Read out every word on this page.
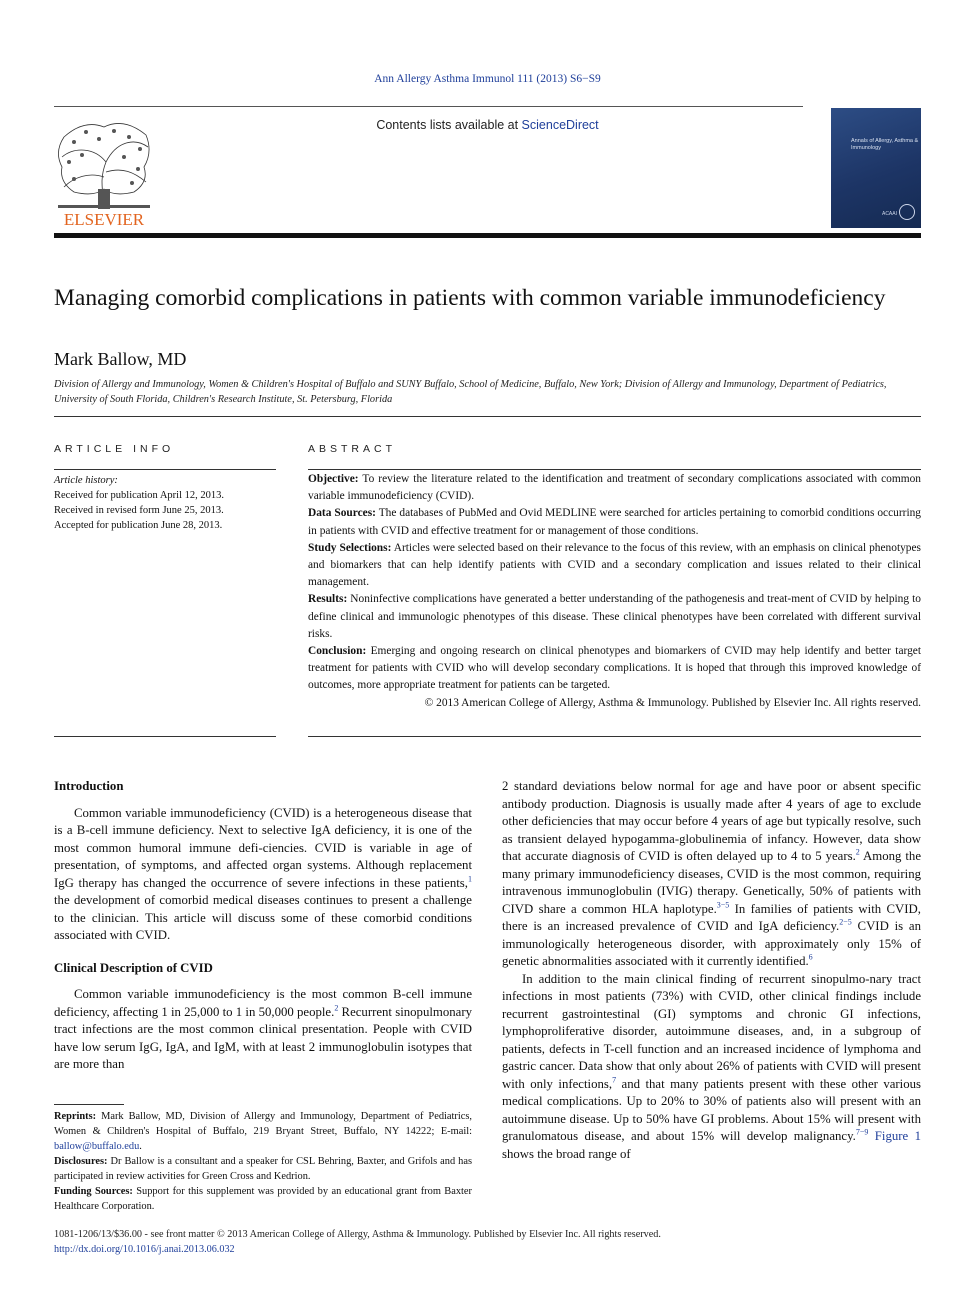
Ann Allergy Asthma Immunol 111 (2013) S6−S9
ELSEVIER
Contents lists available at ScienceDirect
Annals of Allergy, Asthma & Immunology
ACAAI
Managing comorbid complications in patients with common variable immunodeficiency
Mark Ballow, MD
Division of Allergy and Immunology, Women & Children's Hospital of Buffalo and SUNY Buffalo, School of Medicine, Buffalo, New York; Division of Allergy and Immunology, Department of Pediatrics, University of South Florida, Children's Research Institute, St. Petersburg, Florida
ARTICLE INFO	ABSTRACT
Article history:
Received for publication April 12, 2013.
Received in revised form June 25, 2013.
Accepted for publication June 28, 2013.

Objective: To review the literature related to the identification and treatment of secondary complications associated with common variable immunodeficiency (CVID).

Data Sources: The databases of PubMed and Ovid MEDLINE were searched for articles pertaining to comorbid conditions occurring in patients with CVID and effective treatment for or management of those conditions.

Study Selections: Articles were selected based on their relevance to the focus of this review, with an emphasis on clinical phenotypes and biomarkers that can help identify patients with CVID and a secondary complication and issues related to their clinical management.

Results: Noninfective complications have generated a better understanding of the pathogenesis and treat-ment of CVID by helping to define clinical and immunologic phenotypes of this disease. These clinical phenotypes have been correlated with different survival risks.

Conclusion: Emerging and ongoing research on clinical phenotypes and biomarkers of CVID may help identify and better target treatment for patients with CVID who will develop secondary complications. It is hoped that through this improved knowledge of outcomes, more appropriate treatment for patients can be targeted.

© 2013 American College of Allergy, Asthma & Immunology. Published by Elsevier Inc. All rights reserved.

Introduction

Common variable immunodeficiency (CVID) is a heterogeneous disease that is a B-cell immune deficiency. Next to selective IgA deficiency, it is one of the most common humoral immune defi-ciencies. CVID is variable in age of presentation, of symptoms, and affected organ systems. Although replacement IgG therapy has changed the occurrence of severe infections in these patients,$^1$ the development of comorbid medical diseases continues to present a challenge to the clinician. This article will discuss some of these comorbid conditions associated with CVID.

Clinical Description of CVID

Common variable immunodeficiency is the most common B-cell immune deficiency, affecting 1 in 25,000 to 1 in 50,000 people.$^2$ Recurrent sinopulmonary tract infections are the most common clinical presentation. People with CVID have low serum IgG, IgA, and IgM, with at least 2 immunoglobulin isotypes that are more than

2 standard deviations below normal for age and have poor or absent specific antibody production. Diagnosis is usually made after 4 years of age to exclude other deficiencies that may occur before 4 years of age but typically resolve, such as transient delayed hypogamma-globulinemia of infancy. However, data show that accurate diagnosis of CVID is often delayed up to 4 to 5 years.$^2$ Among the many primary immunodeficiency diseases, CVID is the most common, requiring intravenous immunoglobulin (IVIG) therapy. Genetically, 50% of patients with CIVD share a common HLA haplotype.$^{3-5}$ In families of patients with CVID, there is an increased prevalence of CVID and IgA deficiency.$^{2-5}$ CVID is an immunologically heterogeneous disorder, with approximately only 15% of genetic abnormalities associated with it currently identified.$^6$

In addition to the main clinical finding of recurrent sinopulmo-nary tract infections in most patients (73%) with CVID, other clinical findings include recurrent gastrointestinal (GI) symptoms and chronic GI infections, lymphoproliferative disorder, autoimmune diseases, and, in a subgroup of patients, defects in T-cell function and an increased incidence of lymphoma and gastric cancer. Data show that only about 26% of patients with CVID will present with only infections,$^7$ and that many patients present with these other various medical complications. Up to 20% to 30% of patients also will present with an autoimmune disease. Up to 50% have GI problems. About 15% will present with granulomatous disease, and about 15% will develop malignancy.$^{7-9}$ Figure 1 shows the broad range of

Reprints: Mark Ballow, MD, Division of Allergy and Immunology, Department of Pediatrics, Women & Children's Hospital of Buffalo, 219 Bryant Street, Buffalo, NY 14222; E-mail: ballow@buffalo.edu.

Disclosures: Dr Ballow is a consultant and a speaker for CSL Behring, Baxter, and Grifols and has participated in review activities for Green Cross and Kedrion.

Funding Sources: Support for this supplement was provided by an educational grant from Baxter Healthcare Corporation.

1081-1206/13/$36.00 - see front matter © 2013 American College of Allergy, Asthma & Immunology. Published by Elsevier Inc. All rights reserved.
http://dx.doi.org/10.1016/j.anai.2013.06.032
